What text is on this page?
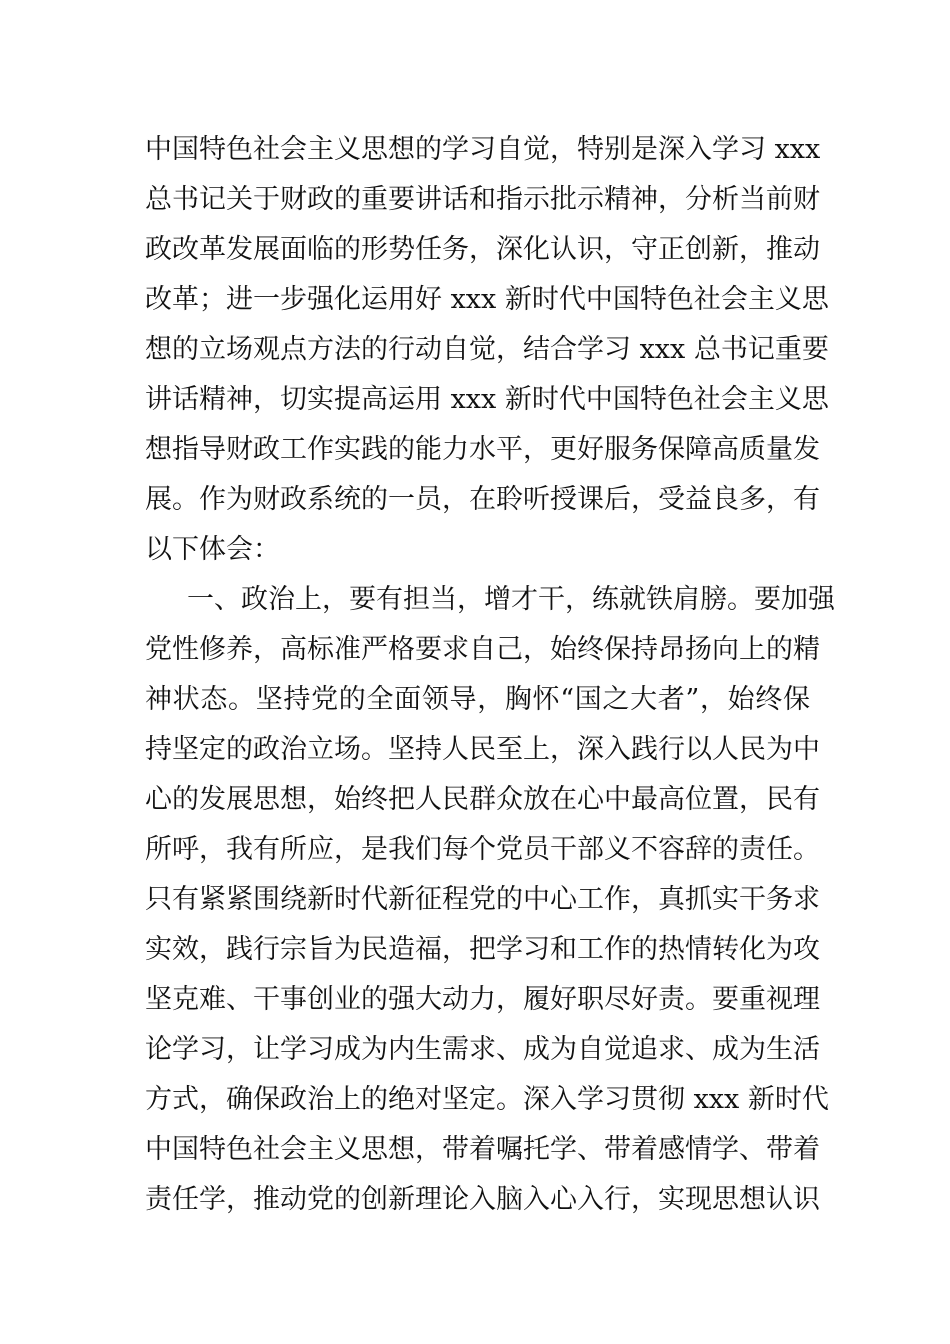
中国特色社会主义思想的学习自觉，特别是深入学习 xxx
总书记关于财政的重要讲话和指示批示精神，分析当前财
政改革发展面临的形势任务，深化认识，守正创新，推动
改革；进一步强化运用好 xxx 新时代中国特色社会主义思
想的立场观点方法的行动自觉，结合学习 xxx 总书记重要
讲话精神，切实提高运用 xxx 新时代中国特色社会主义思
想指导财政工作实践的能力水平，更好服务保障高质量发
展。作为财政系统的一员，在聆听授课后，受益良多，有
以下体会：
一、政治上，要有担当，增才干，练就铁肩膀。要加强
党性修养，高标准严格要求自己，始终保持昂扬向上的精
神状态。坚持党的全面领导，胸怀“国之大者”，始终保
持坚定的政治立场。坚持人民至上，深入践行以人民为中
心的发展思想，始终把人民群众放在心中最高位置，民有
所呼，我有所应，是我们每个党员干部义不容辞的责任。
只有紧紧围绕新时代新征程党的中心工作，真抓实干务求
实效，践行宗旨为民造福，把学习和工作的热情转化为攻
坚克难、干事创业的强大动力，履好职尽好责。要重视理
论学习，让学习成为内生需求、成为自觉追求、成为生活
方式，确保政治上的绝对坚定。深入学习贯彻 xxx 新时代
中国特色社会主义思想，带着嘱托学、带着感情学、带着
责任学，推动党的创新理论入脑入心入行，实现思想认识
